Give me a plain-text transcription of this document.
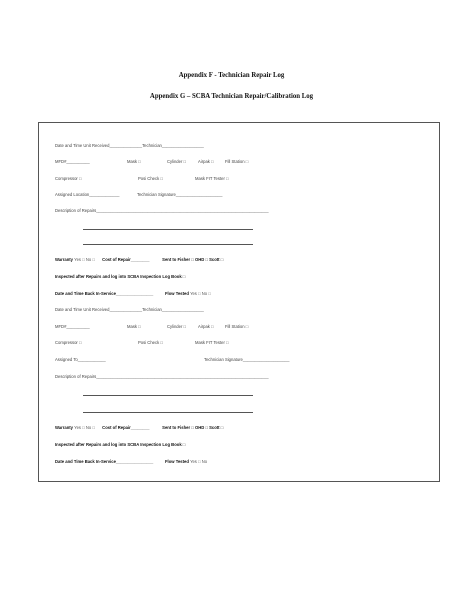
Appendix F - Technician Repair Log
Appendix G – SCBA Technician Repair/Calibration Log
Date and Time Unit Received______________Technician__________________
MFD#__________	Mask □	Cylinder □	Airpak □	Fill Station □
Compressor □	Posi Check □	Mask FIT Tester □
Assigned Location_____________	Technician Signature____________________
Description of Repairs__________________________________________________________________________
Warranty Yes □ No □ Cost of Repair________	Sent to Fisher □ OHD □ Scott □
Inspected after Repairs and log into SCBA Inspection Log Book □
Date and Time Back In-Service________________	Flow Tested Yes □ No □
Date and Time Unit Received______________Technician__________________
MFD#__________	Mask □	Cylinder □	Airpak □	Fill Station □
Compressor □	Posi Check □	Mask FIT Tester □
Assigned To____________	Technician Signature____________________
Description of Repairs__________________________________________________________________________
Warranty Yes □ No □ Cost of Repair________	Sent to Fisher □ OHD □ Scott □
Inspected after Repairs and log into SCBA Inspection Log Book □
Date and Time Back In-Service________________	Flow Tested Yes □ No
